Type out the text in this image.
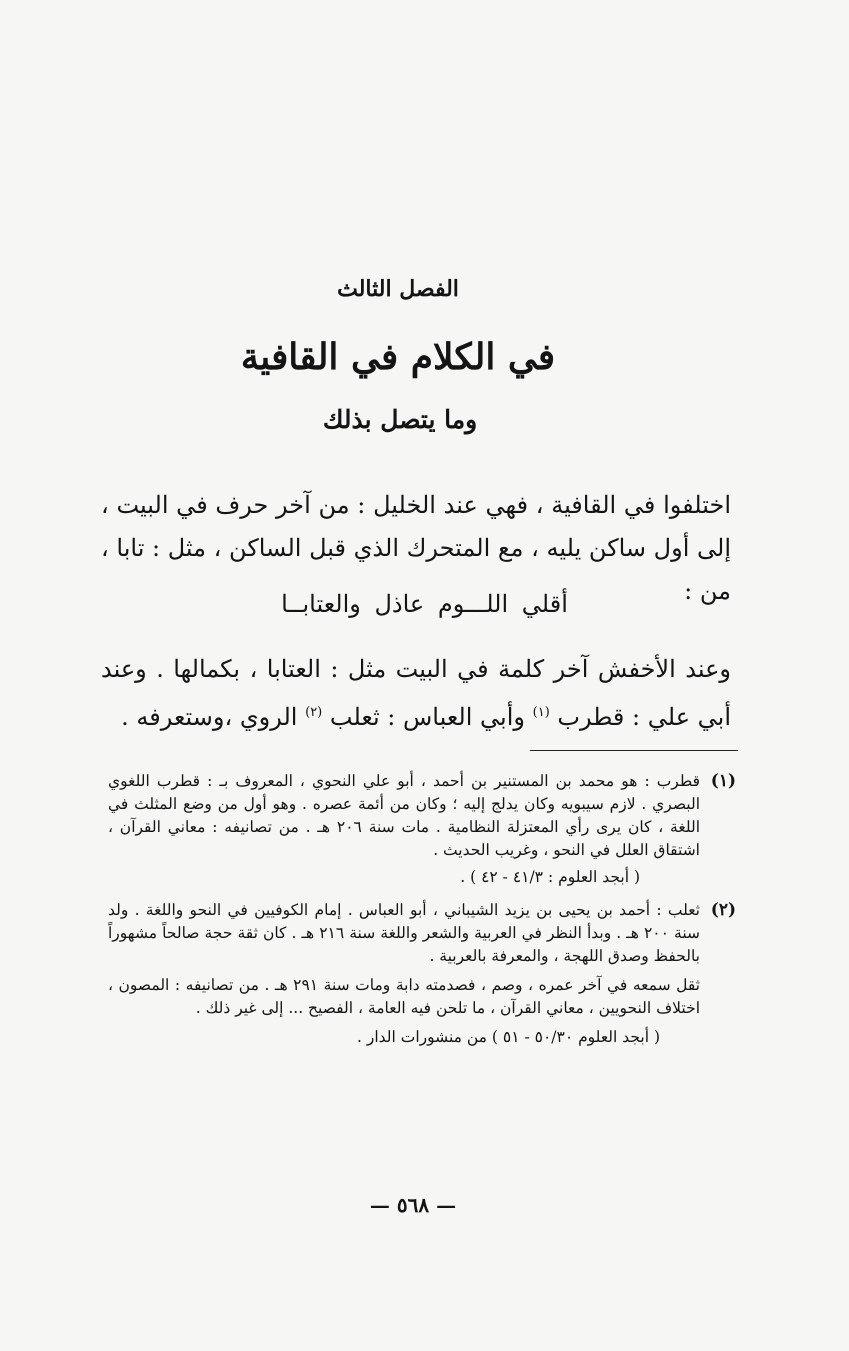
الفصل الثالث
في الكلام في القافية
وما يتصل بذلك

اختلفوا في القافية ، فهي عند الخليل : من آخر حرف في البيت ، إلى أول ساكن يليه ، مع المتحرك الذي قبل الساكن ، مثل : تابا ، من :

أقلي اللـــوم عاذل والعتابــا

وعند الأخفش آخر كلمة في البيت مثل : العتابا ، بكمالها . وعند أبي علي : قطرب $^{(١)}$ وأبي العباس : ثعلب $^{(٢)}$ الروي ،وستعرفه .

(١)

قطرب : هو محمد بن المستنير بن أحمد ، أبو علي النحوي ، المعروف بـ : قطرب اللغوي البصري . لازم سيبويه وكان يدلج إليه ؛ وكان من أئمة عصره . وهو أول من وضع المثلث في اللغة ، كان يرى رأي المعتزلة النظامية . مات سنة ٢٠٦ هـ . من تصانيفه : معاني القرآن ، اشتقاق العلل في النحو ، وغريب الحديث .

( أبجد العلوم : ٤١/٣ - ٤٢ ) .

(٢)

ثعلب : أحمد بن يحيى بن يزيد الشيباني ، أبو العباس . إمام الكوفيين في النحو واللغة . ولد سنة ٢٠٠ هـ . وبدأ النظر في العربية والشعر واللغة سنة ٢١٦ هـ . كان ثقة حجة صالحاً مشهوراً بالحفظ وصدق اللهجة ، والمعرفة بالعربية .

ثقل سمعه في آخر عمره ، وصم ، فصدمته دابة ومات سنة ٢٩١ هـ . من تصانيفه : المصون ، اختلاف النحويين ، معاني القرآن ، ما تلحن فيه العامة ، الفصيح ... إلى غير ذلك .

( أبجد العلوم ٥٠/٣٠ - ٥١ ) من منشورات الدار .

— ٥٦٨ —
